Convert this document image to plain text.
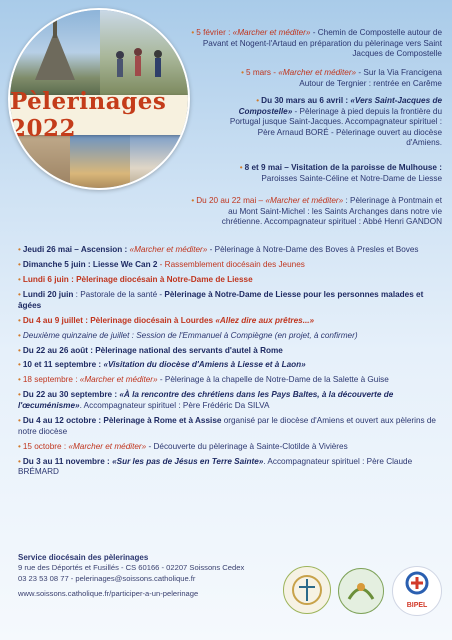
Pèlerinages 2022
• 5 février : «Marcher et méditer» - Chemin de Compostelle autour de Pavant et Nogent-l'Artaud en préparation du pèlerinage vers Saint Jacques de Compostelle
• 5 mars - «Marcher et méditer» - Sur la Via Francigena Autour de Tergnier : rentrée en Carême
• Du 30 mars au 6 avril : «Vers Saint-Jacques de Compostelle» - Pèlerinage à pied depuis la frontière du Portugal jusque Saint-Jacques. Accompagnateur spirituel : Père Arnaud BORÉ - Pèlerinage ouvert au diocèse d'Amiens.
• 8 et 9 mai – Visitation de la paroisse de Mulhouse : Paroisses Sainte-Céline et Notre-Dame de Liesse
• Du 20 au 22 mai – «Marcher et méditer» : Pèlerinage à Pontmain et au Mont Saint-Michel : les Saints Archanges dans notre vie chrétienne. Accompagnateur spirituel : Abbé Henri GANDON
• Jeudi 26 mai – Ascension : «Marcher et méditer» - Pèlerinage à Notre-Dame des Boves à Presles et Boves
• Dimanche 5 juin : Liesse We Can 2 - Rassemblement diocésain des Jeunes
• Lundi 6 juin : Pèlerinage diocésain à Notre-Dame de Liesse
• Lundi 20 juin : Pastorale de la santé - Pèlerinage à Notre-Dame de Liesse pour les personnes malades et âgées
• Du 4 au 9 juillet : Pèlerinage diocésain à Lourdes «Allez dire aux prêtres...»
• Deuxième quinzaine de juillet : Session de l'Emmanuel à Compiègne (en projet, à confirmer)
• Du 22 au 26 août : Pèlerinage national des servants d'autel à Rome
• 10 et 11 septembre : «Visitation du diocèse d'Amiens à Liesse et à Laon»
• 18 septembre : «Marcher et méditer» - Pèlerinage à la chapelle de Notre-Dame de la Salette à Guise
• Du 22 au 30 septembre : «À la rencontre des chrétiens dans les Pays Baltes, à la découverte de l'œcuménisme». Accompagnateur spirituel : Père Frédéric Da SILVA
• Du 4 au 12 octobre : Pèlerinage à Rome et à Assise organisé par le diocèse d'Amiens et ouvert aux pèlerins de notre diocèse
• 15 octobre : «Marcher et méditer» - Découverte du pèlerinage à Sainte-Clotilde à Vivières
• Du 3 au 11 novembre : «Sur les pas de Jésus en Terre Sainte». Accompagnateur spirituel : Père Claude BRÉMARD
Service diocésain des pèlerinages
9 rue des Déportés et Fusillés - CS 60166 - 02207 Soissons Cedex
03 23 53 08 77 - pelerinages@soissons.catholique.fr
www.soissons.catholique.fr/participer-a-un-pelerinage
BIPEL
